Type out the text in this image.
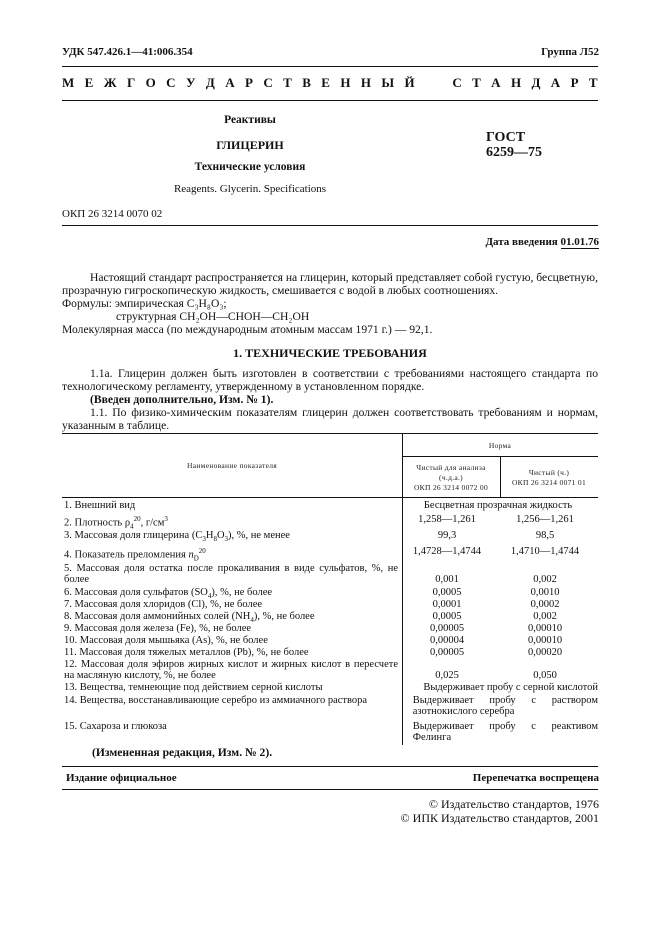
УДК 547.426.1—41:006.354	Группа Л52
М Е Ж Г О С У Д А Р С Т В Е Н Н Ы Й

	С Т А Н Д А Р Т
Реактивы
ГЛИЦЕРИН
Технические условия
Reagents. Glycerin. Specifications
ГОСТ
6259—75
ОКП 26 3214 0070 02
Дата введения 01.01.76
Настоящий стандарт распространяется на глицерин, который представляет собой густую, бесцветную, прозрачную гигроскопическую жидкость, смешивается с водой в любых соотношениях.
Формулы: эмпирическая C₃H₈O₃;
структурная CH₂OH—CHOH—CH₂OH
Молекулярная масса (по международным атомным массам 1971 г.) — 92,1.
1. ТЕХНИЧЕСКИЕ ТРЕБОВАНИЯ
1.1а. Глицерин должен быть изготовлен в соответствии с требованиями настоящего стандарта по технологическому регламенту, утвержденному в установленном порядке.
(Введен дополнительно, Изм. № 1).
1.1. По физико-химическим показателям глицерин должен соответствовать требованиям и нормам, указанным в таблице.
Наименование показателя
Норма
Чистый для анализа
(ч.д.а.)
ОКП 26 3214 0072 00
Чистый (ч.)
ОКП 26 3214 0071 01
1. Внешний вид	Бесцветная прозрачная жидкость
2. Плотность $\rho_4^{20}$, $г/см^3$	1,258—1,261	1,256—1,261
3. Массовая доля глицерина $(С_3Н_8О_3)$, %, не менее	99,3	98,5
4. Показатель преломления $n_D^{20}$	1,4728—1,4744	1,4710—1,4744
5. Массовая доля остатка после прокаливания в виде сульфатов, %, не более	0,001	0,002
6. Массовая доля сульфатов $(SO_4)$, %, не более	0,0005	0,0010
7. Массовая доля хлоридов (Cl), %, не более	0,0001	0,0002
8. Массовая доля аммонийных солей $(NH_4)$, %, не более	0,0005	0,002
9. Массовая доля железа (Fe), %, не более	0,00005	0,00010
10. Массовая доля мышьяка (As), %, не более	0,00004	0,00010
11. Массовая доля тяжелых металлов (Pb), %, не более	0,00005	0,00020
12. Массовая доля эфиров жирных кислот и жирных кислот в пересчете на масляную кислоту, %, не более	0,025	0,050
13. Вещества, темнеющие под действием серной кислоты	Выдерживает пробу с серной кислотой
14. Вещества, восстанавливающие серебро из аммиачного раствора	Выдерживает пробу с раствором азотнокислого серебра
15. Сахароза и глюкоза	Выдерживает пробу с реактивом Фелинга
(Измененная редакция, Изм. № 2).
Издание официальное	Перепечатка воспрещена
© Издательство стандартов, 1976
© ИПК Издательство стандартов, 2001
